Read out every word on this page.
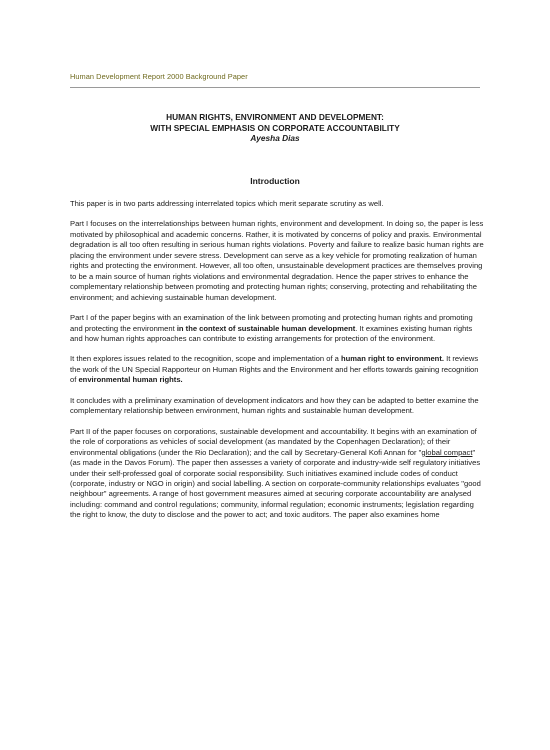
Human Development Report 2000 Background Paper
HUMAN RIGHTS, ENVIRONMENT AND DEVELOPMENT:
WITH SPECIAL EMPHASIS ON CORPORATE ACCOUNTABILITY
Ayesha Dias
Introduction

This paper is in two parts addressing interrelated topics which merit separate scrutiny as well.

Part I focuses on the interrelationships between human rights, environment and development. In doing so, the paper is less motivated by philosophical and academic concerns. Rather, it is motivated by concerns of policy and praxis. Environmental degradation is all too often resulting in serious human rights violations. Poverty and failure to realize basic human rights are placing the environment under severe stress. Development can serve as a key vehicle for promoting realization of human rights and protecting the environment. However, all too often, unsustainable development practices are themselves proving to be a main source of human rights violations and environmental degradation. Hence the paper strives to enhance the complementary relationship between promoting and protecting human rights; conserving, protecting and rehabilitating the environment; and achieving sustainable human development.

Part I of the paper begins with an examination of the link between promoting and protecting human rights and promoting and protecting the environment in the context of sustainable human development. It examines existing human rights and how human rights approaches can contribute to existing arrangements for protection of the environment.

It then explores issues related to the recognition, scope and implementation of a human right to environment. It reviews the work of the UN Special Rapporteur on Human Rights and the Environment and her efforts towards gaining recognition of environmental human rights.

It concludes with a preliminary examination of development indicators and how they can be adapted to better examine the complementary relationship between environment, human rights and sustainable human development.

Part II of the paper focuses on corporations, sustainable development and accountability. It begins with an examination of the role of corporations as vehicles of social development (as mandated by the Copenhagen Declaration); of their environmental obligations (under the Rio Declaration); and the call by Secretary-General Kofi Annan for "global compact" (as made in the Davos Forum). The paper then assesses a variety of corporate and industry-wide self regulatory initiatives under their self-professed goal of corporate social responsibility. Such initiatives examined include codes of conduct (corporate, industry or NGO in origin) and social labelling. A section on corporate-community relationships evaluates "good neighbour" agreements. A range of host government measures aimed at securing corporate accountability are analysed including: command and control regulations; community, informal regulation; economic instruments; legislation regarding the right to know, the duty to disclose and the power to act; and toxic auditors. The paper also examines home
